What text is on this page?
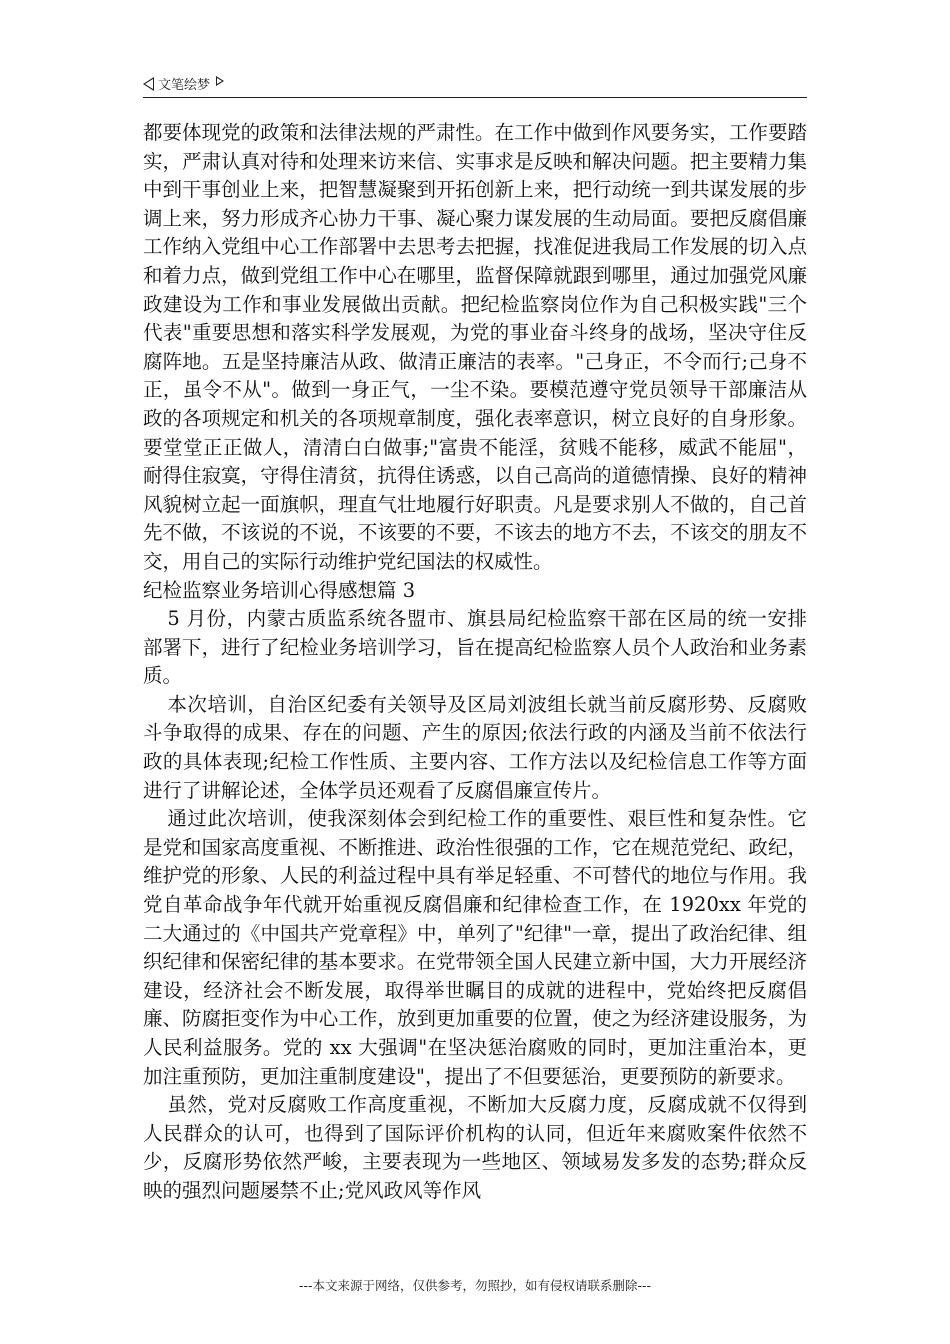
文笔绘梦

都要体现党的政策和法律法规的严肃性。在工作中做到作风要务实，工作要踏实，严肃认真对待和处理来访来信、实事求是反映和解决问题。把主要精力集中到干事创业上来，把智慧凝聚到开拓创新上来，把行动统一到共谋发展的步调上来，努力形成齐心协力干事、凝心聚力谋发展的生动局面。要把反腐倡廉工作纳入党组中心工作部署中去思考去把握，找准促进我局工作发展的切入点和着力点，做到党组工作中心在哪里，监督保障就跟到哪里，通过加强党风廉政建设为工作和事业发展做出贡献。把纪检监察岗位作为自己积极实践"三个代表"重要思想和落实科学发展观，为党的事业奋斗终身的战场，坚决守住反腐阵地。五是坚持廉洁从政、做清正廉洁的表率。"己身正，不令而行;己身不正，虽令不从"。做到一身正气，一尘不染。要模范遵守党员领导干部廉洁从政的各项规定和机关的各项规章制度，强化表率意识，树立良好的自身形象。要堂堂正正做人，清清白白做事;"富贵不能淫，贫贱不能移，威武不能屈"，耐得住寂寞，守得住清贫，抗得住诱惑，以自己高尚的道德情操、良好的精神风貌树立起一面旗帜，理直气壮地履行好职责。凡是要求别人不做的，自己首先不做，不该说的不说，不该要的不要，不该去的地方不去，不该交的朋友不交，用自己的实际行动维护党纪国法的权威性。

纪检监察业务培训心得感想篇 3

5 月份，内蒙古质监系统各盟市、旗县局纪检监察干部在区局的统一安排部署下，进行了纪检业务培训学习，旨在提高纪检监察人员个人政治和业务素质。

本次培训，自治区纪委有关领导及区局刘波组长就当前反腐形势、反腐败斗争取得的成果、存在的问题、产生的原因;依法行政的内涵及当前不依法行政的具体表现;纪检工作性质、主要内容、工作方法以及纪检信息工作等方面进行了讲解论述，全体学员还观看了反腐倡廉宣传片。

通过此次培训，使我深刻体会到纪检工作的重要性、艰巨性和复杂性。它是党和国家高度重视、不断推进、政治性很强的工作，它在规范党纪、政纪，维护党的形象、人民的利益过程中具有举足轻重、不可替代的地位与作用。我党自革命战争年代就开始重视反腐倡廉和纪律检查工作，在 1920xx 年党的二大通过的《中国共产党章程》中，单列了"纪律"一章，提出了政治纪律、组织纪律和保密纪律的基本要求。在党带领全国人民建立新中国，大力开展经济建设，经济社会不断发展，取得举世瞩目的成就的进程中，党始终把反腐倡廉、防腐拒变作为中心工作，放到更加重要的位置，使之为经济建设服务，为人民利益服务。党的 xx 大强调"在坚决惩治腐败的同时，更加注重治本，更加注重预防，更加注重制度建设"，提出了不但要惩治，更要预防的新要求。

虽然，党对反腐败工作高度重视，不断加大反腐力度，反腐成就不仅得到人民群众的认可，也得到了国际评价机构的认同，但近年来腐败案件依然不少，反腐形势依然严峻，主要表现为一些地区、领域易发多发的态势;群众反映的强烈问题屡禁不止;党风政风等作风

---本文来源于网络，仅供参考，勿照抄，如有侵权请联系删除---
